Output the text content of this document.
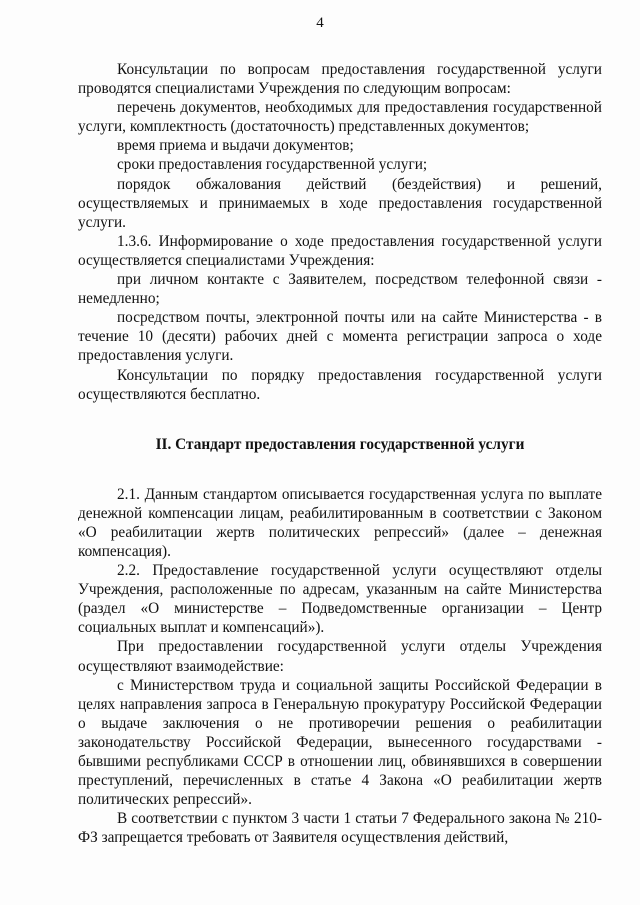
4

Консультации по вопросам предоставления государственной услуги проводятся специалистами Учреждения по следующим вопросам:

перечень документов, необходимых для предоставления государственной услуги, комплектность (достаточность) представленных документов;

время приема и выдачи документов;

сроки предоставления государственной услуги;

порядок обжалования действий (бездействия) и решений, осуществляемых и принимаемых в ходе предоставления государственной услуги.

1.3.6. Информирование о ходе предоставления государственной услуги осуществляется специалистами Учреждения:

при личном контакте с Заявителем, посредством телефонной связи - немедленно;

посредством почты, электронной почты или на сайте Министерства - в течение 10 (десяти) рабочих дней с момента регистрации запроса о ходе предоставления услуги.

Консультации по порядку предоставления государственной услуги осуществляются бесплатно.

II. Стандарт предоставления государственной услуги

2.1. Данным стандартом описывается государственная услуга по выплате денежной компенсации лицам, реабилитированным в соответствии с Законом «О реабилитации жертв политических репрессий» (далее – денежная компенсация).

2.2. Предоставление государственной услуги осуществляют отделы Учреждения, расположенные по адресам, указанным на сайте Министерства (раздел «О министерстве – Подведомственные организации – Центр социальных выплат и компенсаций»).

При предоставлении государственной услуги отделы Учреждения осуществляют взаимодействие:

с Министерством труда и социальной защиты Российской Федерации в целях направления запроса в Генеральную прокуратуру Российской Федерации о выдаче заключения о не противоречии решения о реабилитации законодательству Российской Федерации, вынесенного государствами - бывшими республиками СССР в отношении лиц, обвинявшихся в совершении преступлений, перечисленных в статье 4 Закона «О реабилитации жертв политических репрессий».

В соответствии с пунктом 3 части 1 статьи 7 Федерального закона № 210-ФЗ запрещается требовать от Заявителя осуществления действий,
